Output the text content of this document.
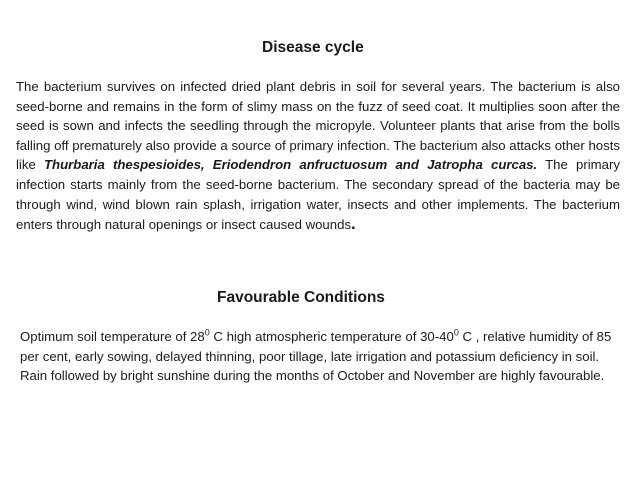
Disease cycle
The bacterium survives on infected dried plant debris in soil for several years. The bacterium is also seed-borne and remains in the form of slimy mass on the fuzz of seed coat. It multiplies soon after the seed is sown and infects the seedling through the micropyle. Volunteer plants that arise from the bolls falling off prematurely also provide a source of primary infection. The bacterium also attacks other hosts like Thurbaria thespesioides, Eriodendron anfructuosum and Jatropha curcas. The primary infection starts mainly from the seed-borne bacterium. The secondary spread of the bacteria may be through wind, wind blown rain splash, irrigation water, insects and other implements. The bacterium enters through natural openings or insect caused wounds.
Favourable Conditions
Optimum soil temperature of $28^0$ C high atmospheric temperature of $30-40^0$ C , relative humidity of 85 per cent, early sowing, delayed thinning, poor tillage, late irrigation and potassium deficiency in soil. Rain followed by bright sunshine during the months of October and November are highly favourable.
